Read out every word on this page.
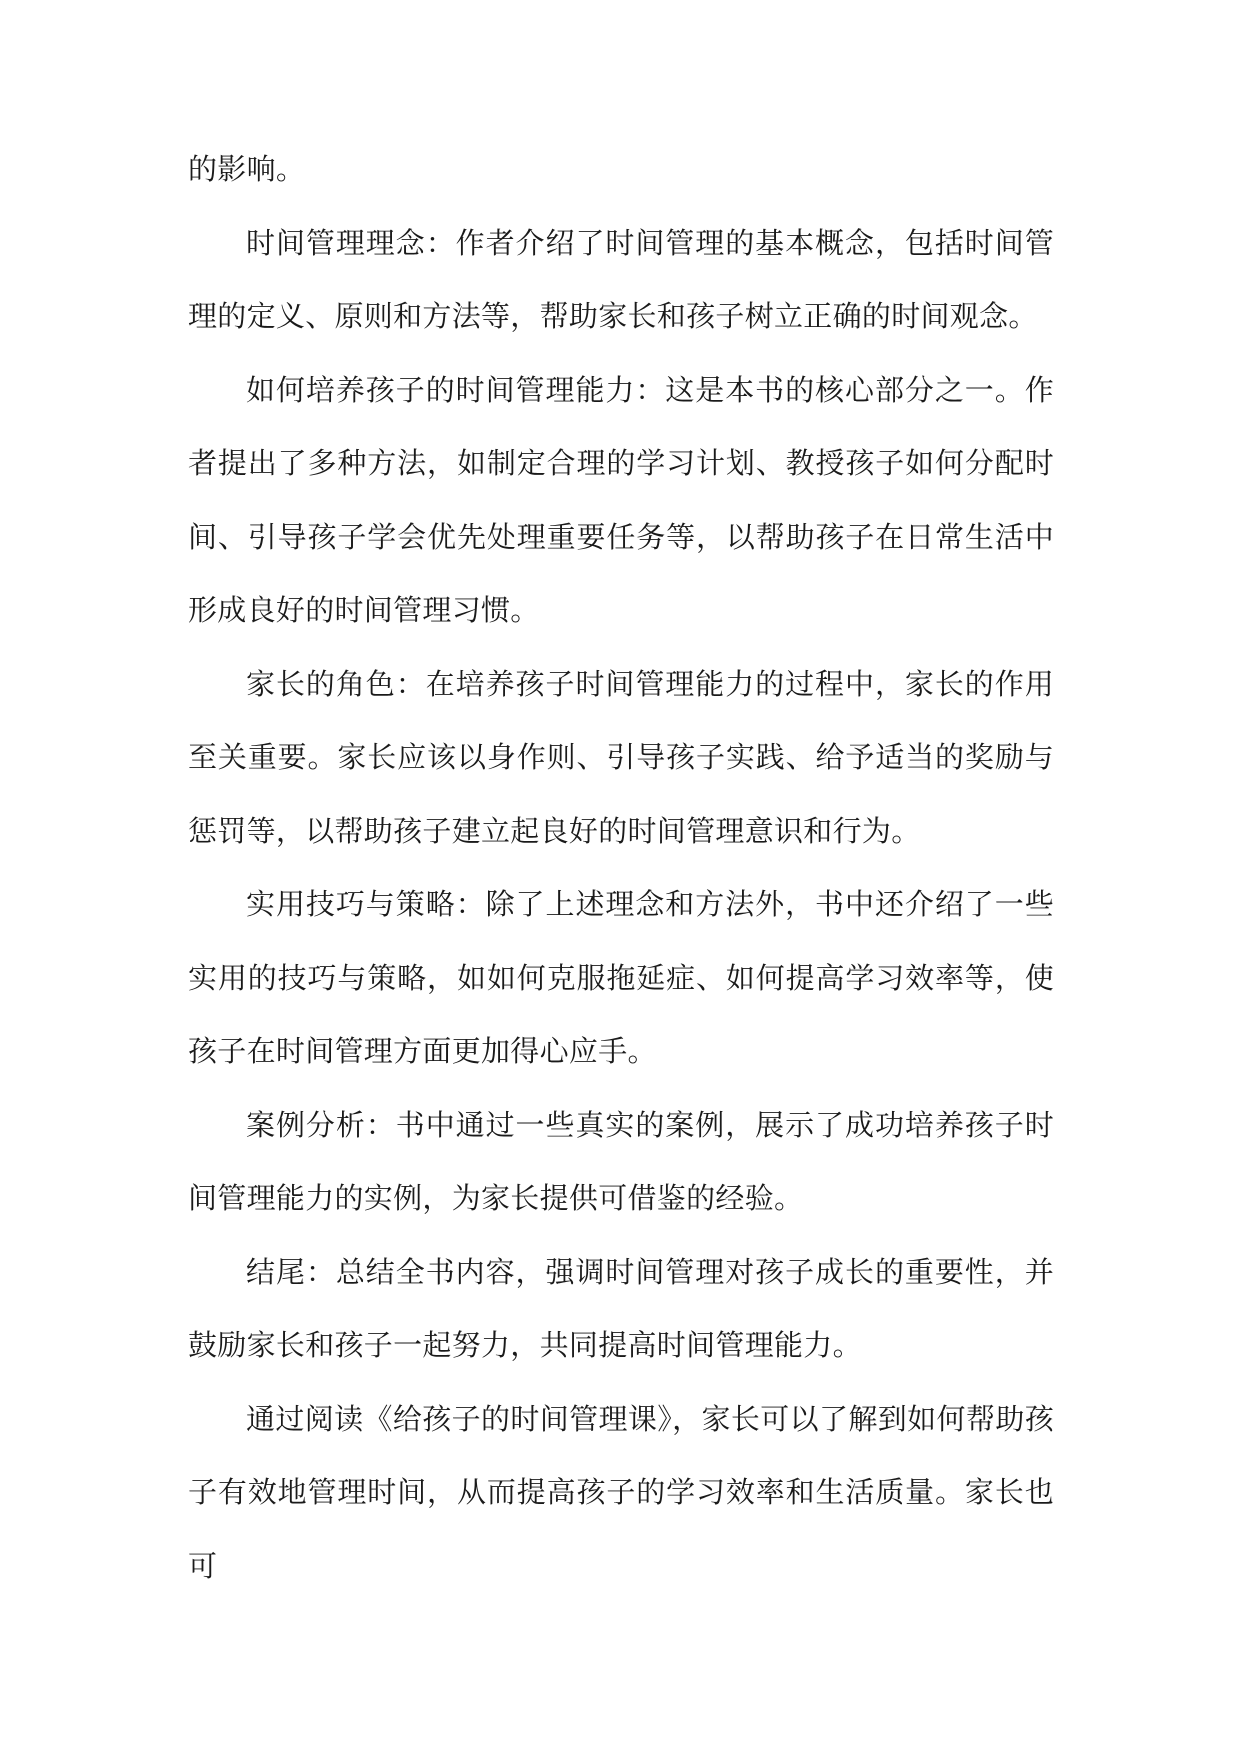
的影响。

时间管理理念：作者介绍了时间管理的基本概念，包括时间管理的定义、原则和方法等，帮助家长和孩子树立正确的时间观念。

如何培养孩子的时间管理能力：这是本书的核心部分之一。作者提出了多种方法，如制定合理的学习计划、教授孩子如何分配时间、引导孩子学会优先处理重要任务等，以帮助孩子在日常生活中形成良好的时间管理习惯。

家长的角色：在培养孩子时间管理能力的过程中，家长的作用至关重要。家长应该以身作则、引导孩子实践、给予适当的奖励与惩罚等，以帮助孩子建立起良好的时间管理意识和行为。

实用技巧与策略：除了上述理念和方法外，书中还介绍了一些实用的技巧与策略，如如何克服拖延症、如何提高学习效率等，使孩子在时间管理方面更加得心应手。

案例分析：书中通过一些真实的案例，展示了成功培养孩子时间管理能力的实例，为家长提供可借鉴的经验。

结尾：总结全书内容，强调时间管理对孩子成长的重要性，并鼓励家长和孩子一起努力，共同提高时间管理能力。

通过阅读《给孩子的时间管理课》，家长可以了解到如何帮助孩子有效地管理时间，从而提高孩子的学习效率和生活质量。家长也可
